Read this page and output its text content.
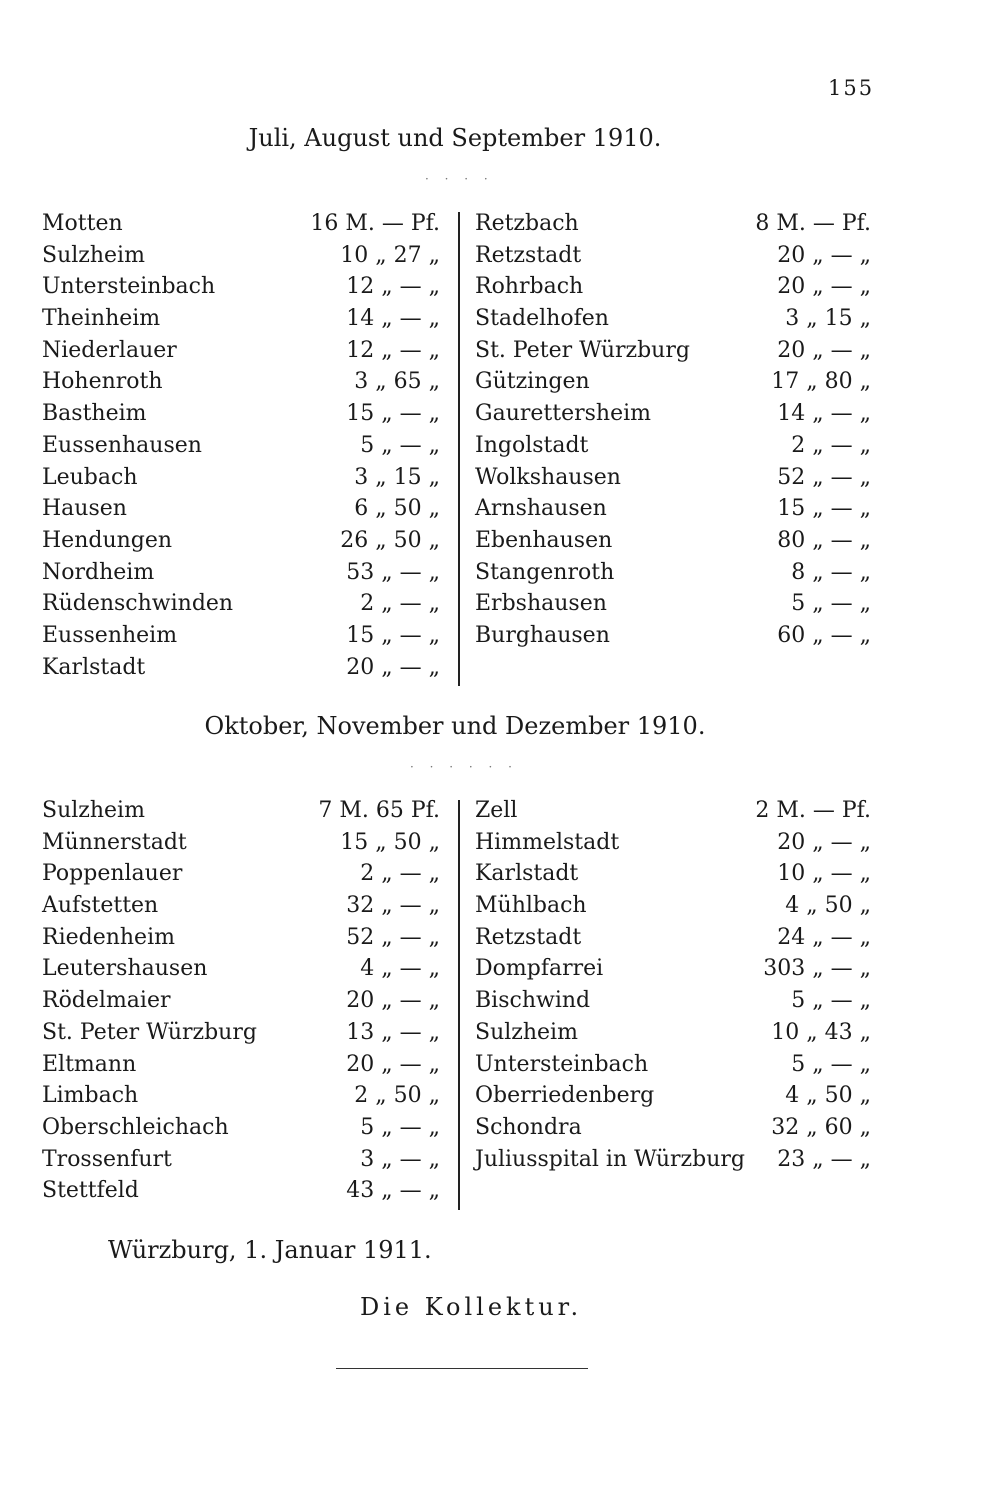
155
Juli, August und September 1910.
· · · ·
Motten	16 M. — Pf.
Sulzheim	10 „ 27 „
Untersteinbach	12 „ — „
Theinheim	14 „ — „
Niederlauer	12 „ — „
Hohenroth	3 „ 65 „
Bastheim	15 „ — „
Eussenhausen	5 „ — „
Leubach	3 „ 15 „
Hausen	6 „ 50 „
Hendungen	26 „ 50 „
Nordheim	53 „ — „
Rüdenschwinden	2 „ — „
Eussenheim	15 „ — „
Karlstadt	20 „ — „
Retzbach	8 M. — Pf.
Retzstadt	20 „ — „
Rohrbach	20 „ — „
Stadelhofen	3 „ 15 „
St. Peter Würzburg	20 „ — „
Gützingen	17 „ 80 „
Gaurettersheim	14 „ — „
Ingolstadt	2 „ — „
Wolkshausen	52 „ — „
Arnshausen	15 „ — „
Ebenhausen	80 „ — „
Stangenroth	8 „ — „
Erbshausen	5 „ — „
Burghausen	60 „ — „
Oktober, November und Dezember 1910.
· · · · · ·
Sulzheim	7 M. 65 Pf.
Münnerstadt	15 „ 50 „
Poppenlauer	2 „ — „
Aufstetten	32 „ — „
Riedenheim	52 „ — „
Leutershausen	4 „ — „
Rödelmaier	20 „ — „
St. Peter Würzburg	13 „ — „
Eltmann	20 „ — „
Limbach	2 „ 50 „
Oberschleichach	5 „ — „
Trossenfurt	3 „ — „
Stettfeld	43 „ — „
Zell	2 M. — Pf.
Himmelstadt	20 „ — „
Karlstadt	10 „ — „
Mühlbach	4 „ 50 „
Retzstadt	24 „ — „
Dompfarrei	303 „ — „
Bischwind	5 „ — „
Sulzheim	10 „ 43 „
Untersteinbach	5 „ — „
Oberriedenberg	4 „ 50 „
Schondra	32 „ 60 „
Juliusspital in Würzburg 23 „ — „
Würzburg, 1. Januar 1911.
Die Kollektur.
